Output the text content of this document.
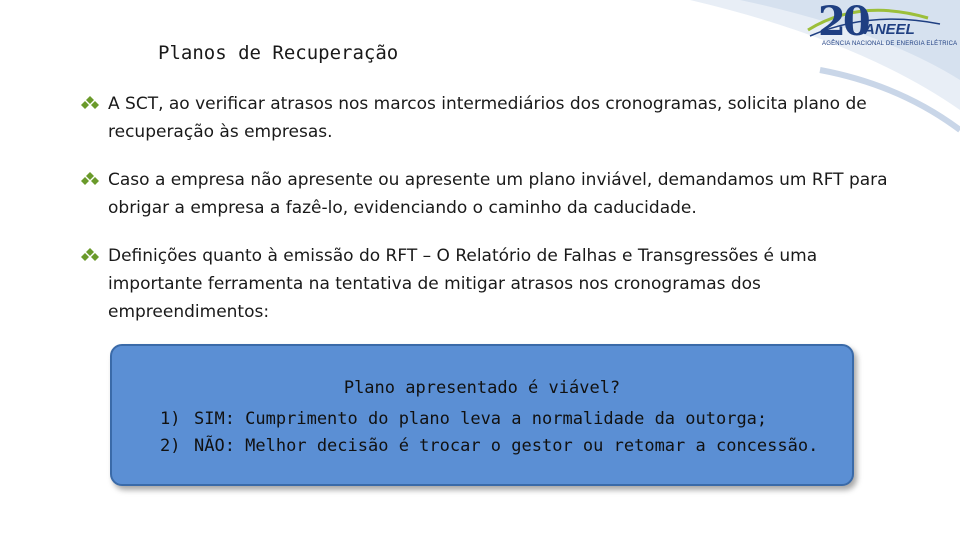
Planos de Recuperação
20
ANEEL
AGÊNCIA NACIONAL DE ENERGIA ELÉTRICA
A SCT, ao verificar atrasos nos marcos intermediários dos cronogramas, solicita plano de recuperação às empresas.
Caso a empresa não apresente ou apresente um plano inviável, demandamos um RFT para obrigar a empresa a fazê-lo, evidenciando o caminho da caducidade.
Definições quanto à emissão do RFT – O Relatório de Falhas e Transgressões é uma importante ferramenta na tentativa de mitigar atrasos nos cronogramas dos empreendimentos:
Plano apresentado é viável?
1) SIM: Cumprimento do plano leva a normalidade da outorga;
2) NÃO: Melhor decisão é trocar o gestor ou retomar a concessão.
